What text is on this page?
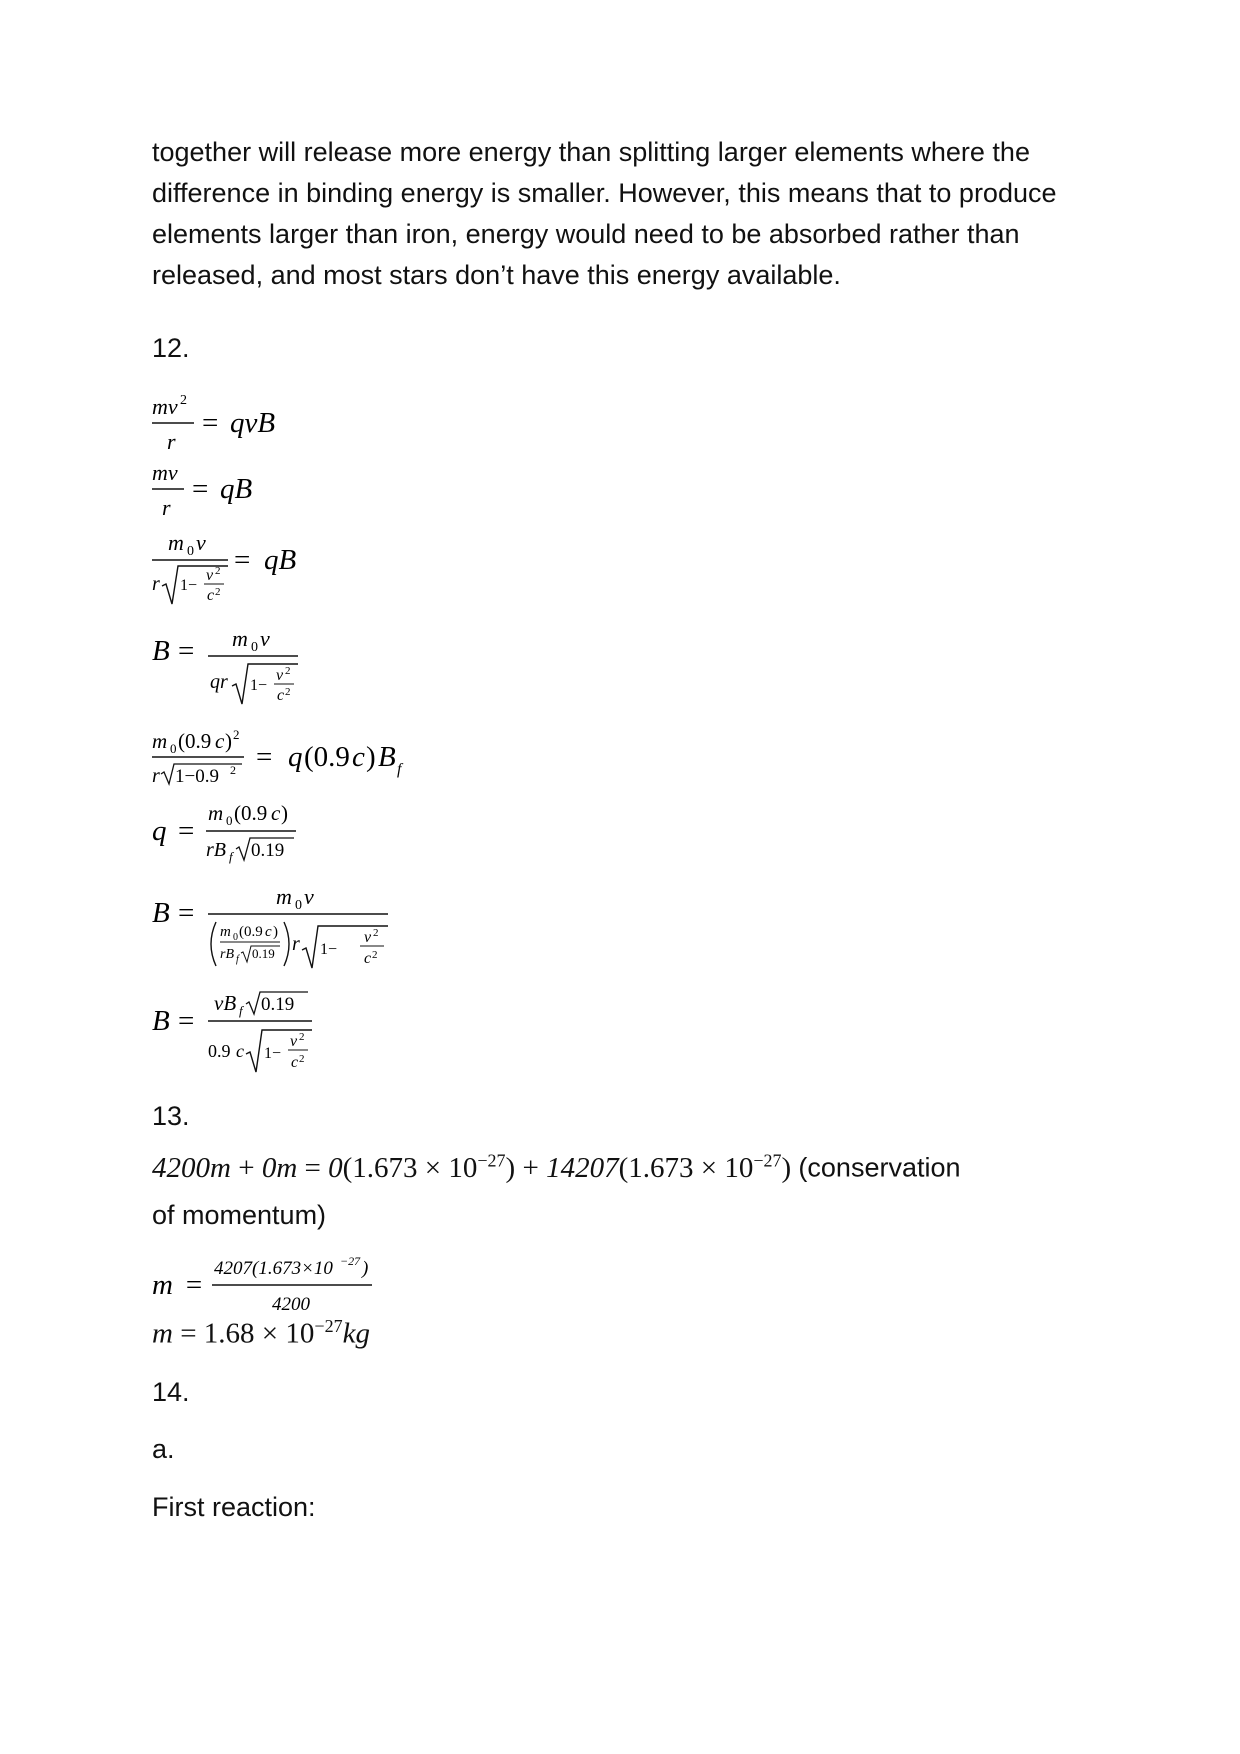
together will release more energy than splitting larger elements where the difference in binding energy is smaller. However, this means that to produce elements larger than iron, energy would need to be absorbed rather than released, and most stars don’t have this energy available.

12.
mv 2
r
= qvB
mv
r
= qB
m 0 v
r 1−
v 2
c 2
= qB
B = m 0 v
qr 1−
v 2
c 2
m 0 (0.9 c ) 2
r 1−0.9 2 = q (0.9 c ) B f
q =
m 0 (0.9 c )
rB f 0.19
B =
m 0 v
m 0 (0.9 c )
rB f 0.19 r 1−
v 2
c 2
B =
vB f 0.19
0.9 c 1−
v 2
c 2
13.
$4200m + 0m = 0(1.673 \times 10^{-27}) + 14207(1.673 \times 10^{-27})$ (conservation
of momentum)
m =
4207(1.673×10 −27 )
4200
$m = 1.68 \times 10^{-27}kg$
14.
a.
First reaction:
